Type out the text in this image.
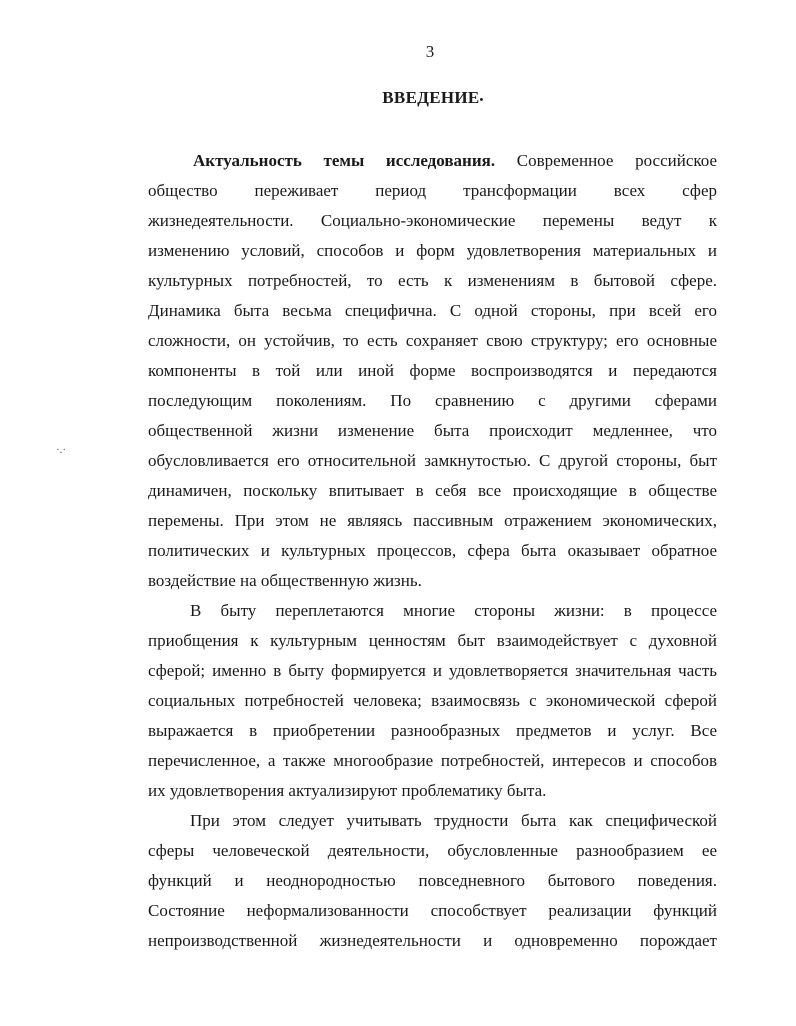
3
ВВЕДЕНИЕ•
·.·
Актуальность темы исследования. Современное российское
общество переживает период трансформации всех сфер
жизнедеятельности. Социально-экономические перемены ведут к
изменению условий, способов и форм удовлетворения материальных и
культурных потребностей, то есть к изменениям в бытовой сфере.
Динамика быта весьма специфична. С одной стороны, при всей его
сложности, он устойчив, то есть сохраняет свою структуру; его основные
компоненты в той или иной форме воспроизводятся и передаются
последующим поколениям. По сравнению с другими сферами
общественной жизни изменение быта происходит медленнее, что
обусловливается его относительной замкнутостью. С другой стороны, быт
динамичен, поскольку впитывает в себя все происходящие в обществе
перемены. При этом не являясь пассивным отражением экономических,
политических и культурных процессов, сфера быта оказывает обратное
воздействие на общественную жизнь.
В быту переплетаются многие стороны жизни: в процессе
приобщения к культурным ценностям быт взаимодействует с духовной
сферой; именно в быту формируется и удовлетворяется значительная часть
социальных потребностей человека; взаимосвязь с экономической сферой
выражается в приобретении разнообразных предметов и услуг. Все
перечисленное, а также многообразие потребностей, интересов и способов
их удовлетворения актуализируют проблематику быта.
При этом следует учитывать трудности быта как специфической
сферы человеческой деятельности, обусловленные разнообразием ее
функций и неоднородностью повседневного бытового поведения.
Состояние неформализованности способствует реализации функций
непроизводственной жизнедеятельности и одновременно порождает
